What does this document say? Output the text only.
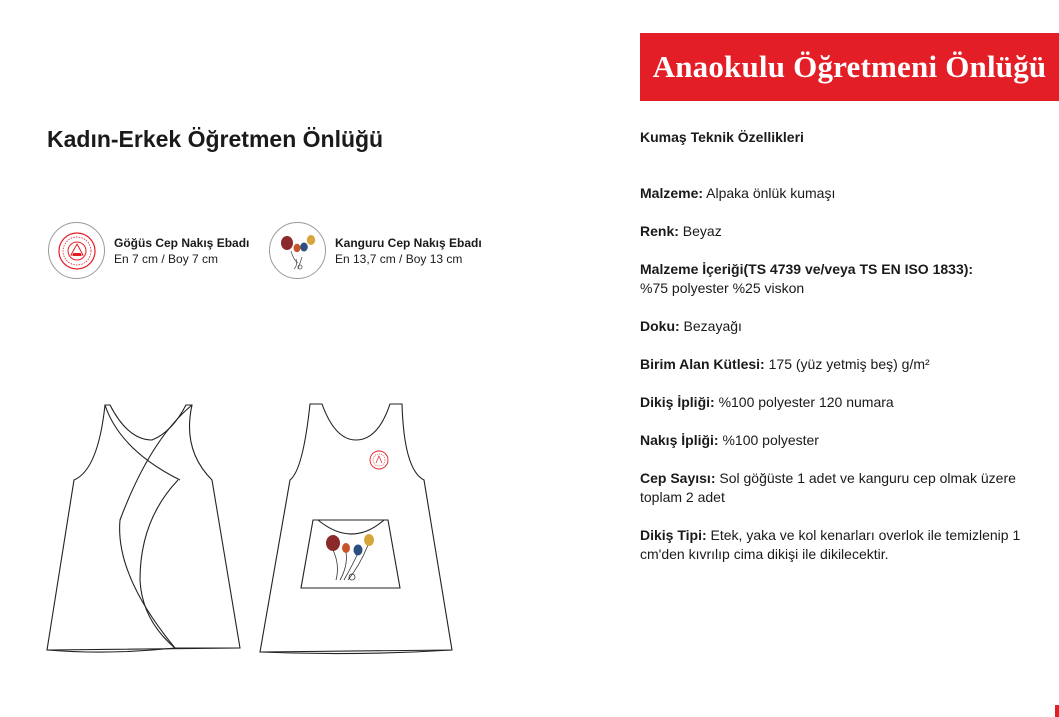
Anaokulu Öğretmeni Önlüğü
Kadın-Erkek Öğretmen Önlüğü
Göğüs Cep Nakış Ebadı
En 7 cm / Boy 7 cm
Kanguru Cep Nakış Ebadı
En 13,7 cm / Boy 13 cm
Kumaş Teknik Özellikleri
Malzeme: Alpaka önlük kumaşı
Renk: Beyaz
Malzeme İçeriği(TS 4739 ve/veya TS EN ISO 1833):
%75 polyester %25 viskon
Doku: Bezayağı
Birim Alan Kütlesi: 175 (yüz yetmiş beş) g/m²
Dikiş İpliği: %100 polyester 120 numara
Nakış İpliği: %100 polyester
Cep Sayısı: Sol göğüste 1 adet ve kanguru cep olmak üzere toplam 2 adet
Dikiş Tipi: Etek, yaka ve kol kenarları overlok ile temizlenip 1 cm'den kıvrılıp cima dikişi ile dikilecektir.
